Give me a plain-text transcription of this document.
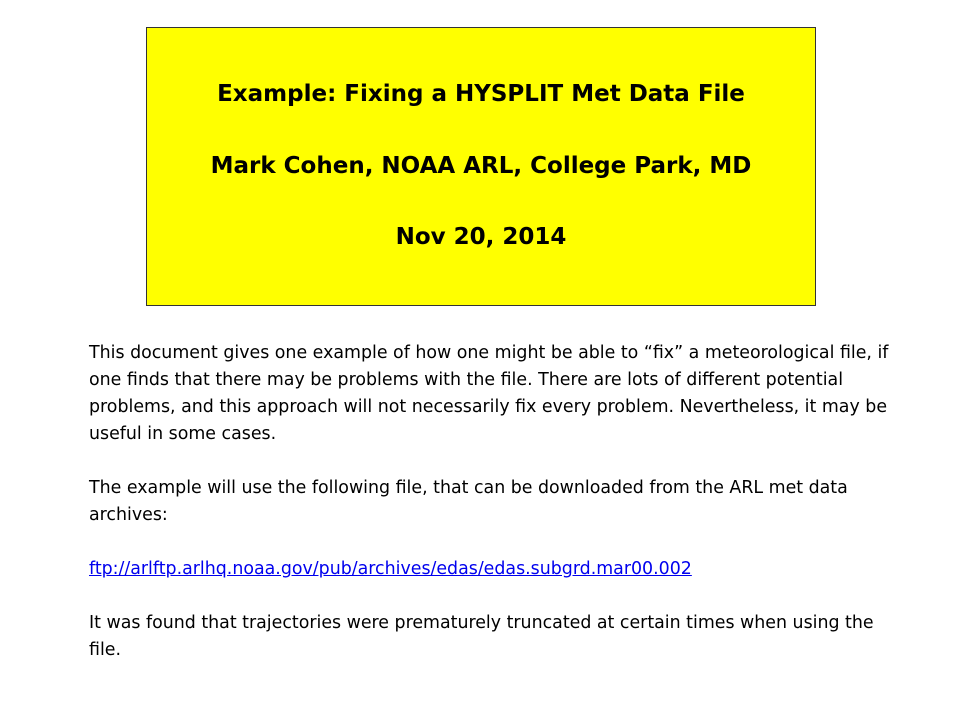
Example: Fixing a HYSPLIT Met Data File
Mark Cohen, NOAA ARL, College Park, MD
Nov 20, 2014

This document gives one example of how one might be able to “fix” a meteorological file, if one finds that there may be problems with the file. There are lots of different potential problems, and this approach will not necessarily fix every problem. Nevertheless, it may be useful in some cases.

The example will use the following file, that can be downloaded from the ARL met data archives:

ftp://arlftp.arlhq.noaa.gov/pub/archives/edas/edas.subgrd.mar00.002

It was found that trajectories were prematurely truncated at certain times when using the file.
